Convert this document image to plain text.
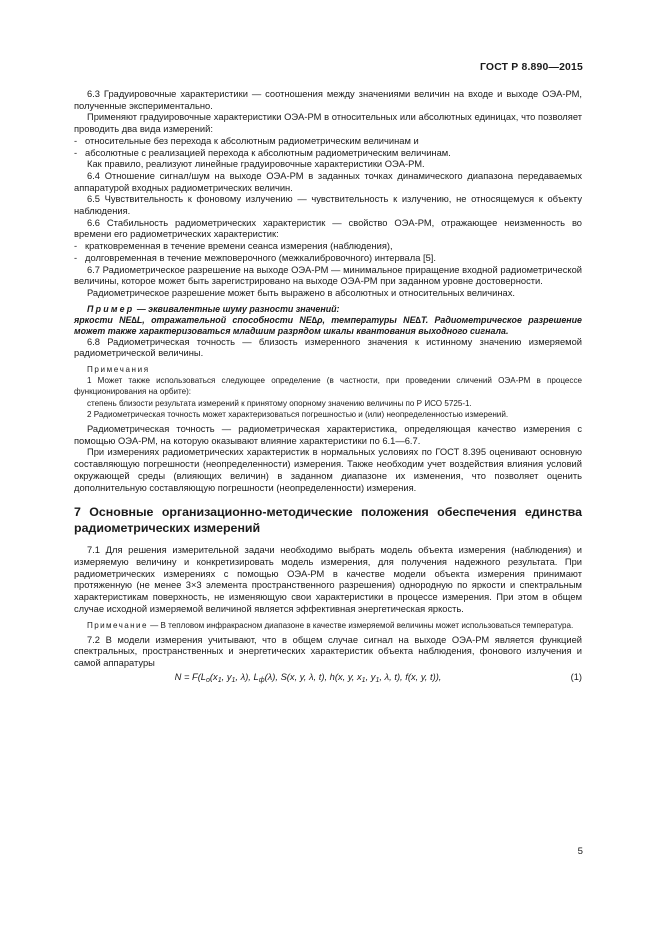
ГОСТ Р 8.890—2015

6.3 Градуировочные характеристики — соотношения между значениями величин на входе и выходе ОЭА-РМ, полученные экспериментально.

Применяют градуировочные характеристики ОЭА-РМ в относительных или абсолютных единицах, что позволяет проводить два вида измерений:

- относительные без перехода к абсолютным радиометрическим величинам и

- абсолютные с реализацией перехода к абсолютным радиометрическим величинам.

Как правило, реализуют линейные градуировочные характеристики ОЭА-РМ.

6.4 Отношение сигнал/шум на выходе ОЭА-РМ в заданных точках динамического диапазона передаваемых аппаратурой входных радиометрических величин.

6.5 Чувствительность к фоновому излучению — чувствительность к излучению, не относящемуся к объекту наблюдения.

6.6 Стабильность радиометрических характеристик — свойство ОЭА-РМ, отражающее неизменность во времени его радиометрических характеристик:

- кратковременная в течение времени сеанса измерения (наблюдения),

- долговременная в течение межповерочного (межкалибровочного) интервала [5].

6.7 Радиометрическое разрешение на выходе ОЭА-РМ — минимальное приращение входной радиометрической величины, которое может быть зарегистрировано на выходе ОЭА-РМ при заданном уровне достоверности.

Радиометрическое разрешение может быть выражено в абсолютных и относительных величинах.

Пример — эквивалентные шуму разности значений:

яркости NE∆L, отражательной способности NE∆ρ, температуры NE∆T. Радиометрическое разрешение может также характеризоваться младшим разрядом шкалы квантования выходного сигнала.

6.8 Радиометрическая точность — близость измеренного значения к истинному значению измеряемой радиометрической величины.

Примечания

1 Может также использоваться следующее определение (в частности, при проведении сличений ОЭА-РМ в процессе функционирования на орбите):

степень близости результата измерений к принятому опорному значению величины по Р ИСО 5725-1.

2 Радиометрическая точность может характеризоваться погрешностью и (или) неопределенностью измерений.

Радиометрическая точность — радиометрическая характеристика, определяющая качество измерения с помощью ОЭА-РМ, на которую оказывают влияние характеристики по 6.1—6.7.

При измерениях радиометрических характеристик в нормальных условиях по ГОСТ 8.395 оценивают основную составляющую погрешности (неопределенности) измерения. Также необходим учет воздействия влияния условий окружающей среды (влияющих величин) в заданном диапазоне их изменения, что позволяет оценить дополнительную составляющую погрешности (неопределенности) измерения.

7 Основные организационно-методические положения обеспечения единства радиометрических измерений

7.1 Для решения измерительной задачи необходимо выбрать модель объекта измерения (наблюдения) и измеряемую величину и конкретизировать модель измерения, для получения надежного результата. При радиометрических измерениях с помощью ОЭА-РМ в качестве модели объекта измерения принимают протяженную (не менее 3×3 элемента пространственного разрешения) однородную по яркости и спектральным характеристикам поверхность, не изменяющую свои характеристики в процессе измерения. При этом в общем случае исходной измеряемой величиной является эффективная энергетическая яркость.

Примечание — В тепловом инфракрасном диапазоне в качестве измеряемой величины может использоваться температура.

7.2 В модели измерения учитывают, что в общем случае сигнал на выходе ОЭА-РМ является функцией спектральных, пространственных и энергетических характеристик объекта наблюдения, фонового излучения и самой аппаратуры

$N = F(L_o(x_1$, $y_1$, λ), $L_ф(\lambda)$, S(x, y, λ, t), h(x, y, $x_1$, $y_1$, λ, t), f(x, y, t)),	(1)
5
